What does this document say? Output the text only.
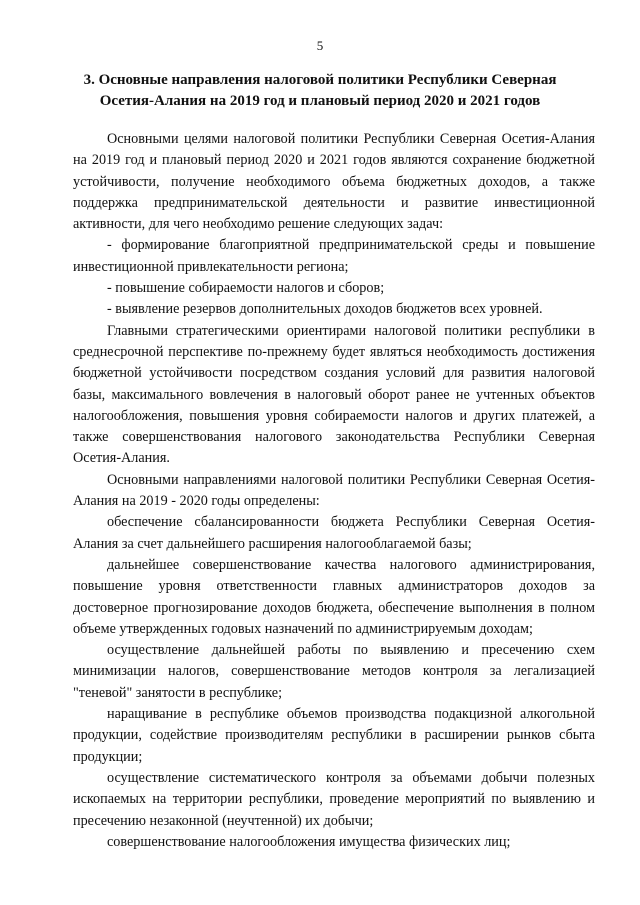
5
3. Основные направления налоговой политики Республики Северная
Осетия-Алания на 2019 год и плановый период 2020 и 2021 годов

Основными целями налоговой политики Республики Северная Осетия-Алания на 2019 год и плановый период 2020 и 2021 годов являются сохранение бюджетной устойчивости, получение необходимого объема бюджетных доходов, а также поддержка предпринимательской деятельности и развитие инвестиционной активности, для чего необходимо решение следующих задач:

- формирование благоприятной предпринимательской среды и повышение инвестиционной привлекательности региона;

- повышение собираемости налогов и сборов;

- выявление резервов дополнительных доходов бюджетов всех уровней.

Главными стратегическими ориентирами налоговой политики республики в среднесрочной перспективе по-прежнему будет являться необходимость достижения бюджетной устойчивости посредством создания условий для развития налоговой базы, максимального вовлечения в налоговый оборот ранее не учтенных объектов налогообложения, повышения уровня собираемости налогов и других платежей, а также совершенствования налогового законодательства Республики Северная Осетия-Алания.

Основными направлениями налоговой политики Республики Северная Осетия-Алания на 2019 - 2020 годы определены:

обеспечение сбалансированности бюджета Республики Северная Осетия-Алания за счет дальнейшего расширения налогооблагаемой базы;

дальнейшее совершенствование качества налогового администрирования, повышение уровня ответственности главных администраторов доходов за достоверное прогнозирование доходов бюджета, обеспечение выполнения в полном объеме утвержденных годовых назначений по администрируемым доходам;

осуществление дальнейшей работы по выявлению и пресечению схем минимизации налогов, совершенствование методов контроля за легализацией "теневой" занятости в республике;

наращивание в республике объемов производства подакцизной алкогольной продукции, содействие производителям республики в расширении рынков сбыта продукции;

осуществление систематического контроля за объемами добычи полезных ископаемых на территории республики, проведение мероприятий по выявлению и пресечению незаконной (неучтенной) их добычи;

совершенствование налогообложения имущества физических лиц;
